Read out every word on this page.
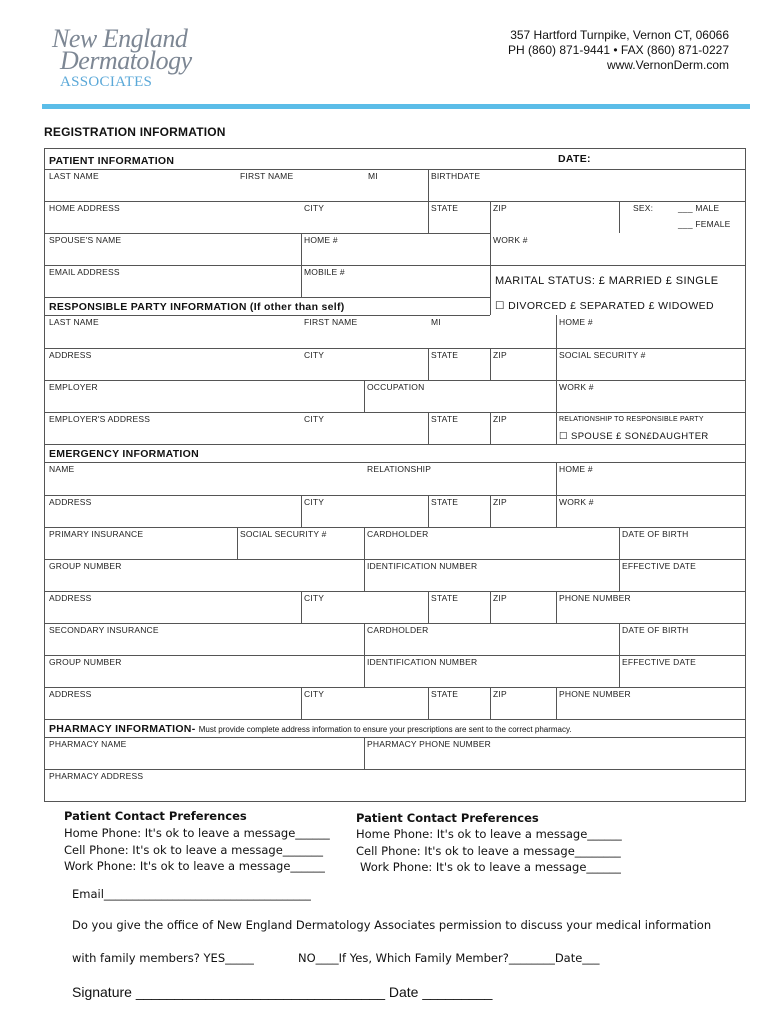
New England
Dermatology
ASSOCIATES
357 Hartford Turnpike, Vernon CT, 06066
PH (860) 871-9441 • FAX (860) 871-0227
www.VernonDerm.com
REGISTRATION INFORMATION
PATIENT INFORMATION	DATE:
LAST NAME	FIRST NAME	MI	BIRTHDATE
HOME ADDRESS	CITY	STATE	ZIP	SEX:	___ MALE
___ FEMALE
SPOUSE'S NAME	HOME #	WORK #
EMAIL ADDRESS	MOBILE #
MARITAL STATUS: £ MARRIED £ SINGLE
☐ DIVORCED £ SEPARATED £ WIDOWED
RESPONSIBLE PARTY INFORMATION (If other than self)
LAST NAME	FIRST NAME	MI	HOME #
ADDRESS	CITY	STATE	ZIP	SOCIAL SECURITY #
EMPLOYER	OCCUPATION	WORK #
EMPLOYER'S ADDRESS	CITY	STATE	ZIP	RELATIONSHIP TO RESPONSIBLE PARTY
☐ SPOUSE £ SON£DAUGHTER
EMERGENCY INFORMATION
NAME	RELATIONSHIP	HOME #
ADDRESS	CITY	STATE	ZIP	WORK #
PRIMARY INSURANCE	SOCIAL SECURITY #	CARDHOLDER	DATE OF BIRTH
GROUP NUMBER	IDENTIFICATION NUMBER	EFFECTIVE DATE
ADDRESS	CITY	STATE	ZIP	PHONE NUMBER
SECONDARY INSURANCE	CARDHOLDER	DATE OF BIRTH
GROUP NUMBER	IDENTIFICATION NUMBER	EFFECTIVE DATE
ADDRESS	CITY	STATE	ZIP	PHONE NUMBER
PHARMACY INFORMATION- Must provide complete address information to ensure your prescriptions are sent to the correct pharmacy.
PHARMACY NAME	PHARMACY PHONE NUMBER
PHARMACY ADDRESS
Patient Contact Preferences
Home Phone: It's ok to leave a message______
Cell Phone: It's ok to leave a message_______
Work Phone: It's ok to leave a message______
Patient Contact Preferences
Home Phone: It's ok to leave a message______
Cell Phone: It's ok to leave a message________
Work Phone: It's ok to leave a message______
Email____________________________________
Do you give the office of New England Dermatology Associates permission to discuss your medical information
with family members? YES_____	NO____If Yes, Which Family Member?________Date___
Signature ________________________________ Date _________
